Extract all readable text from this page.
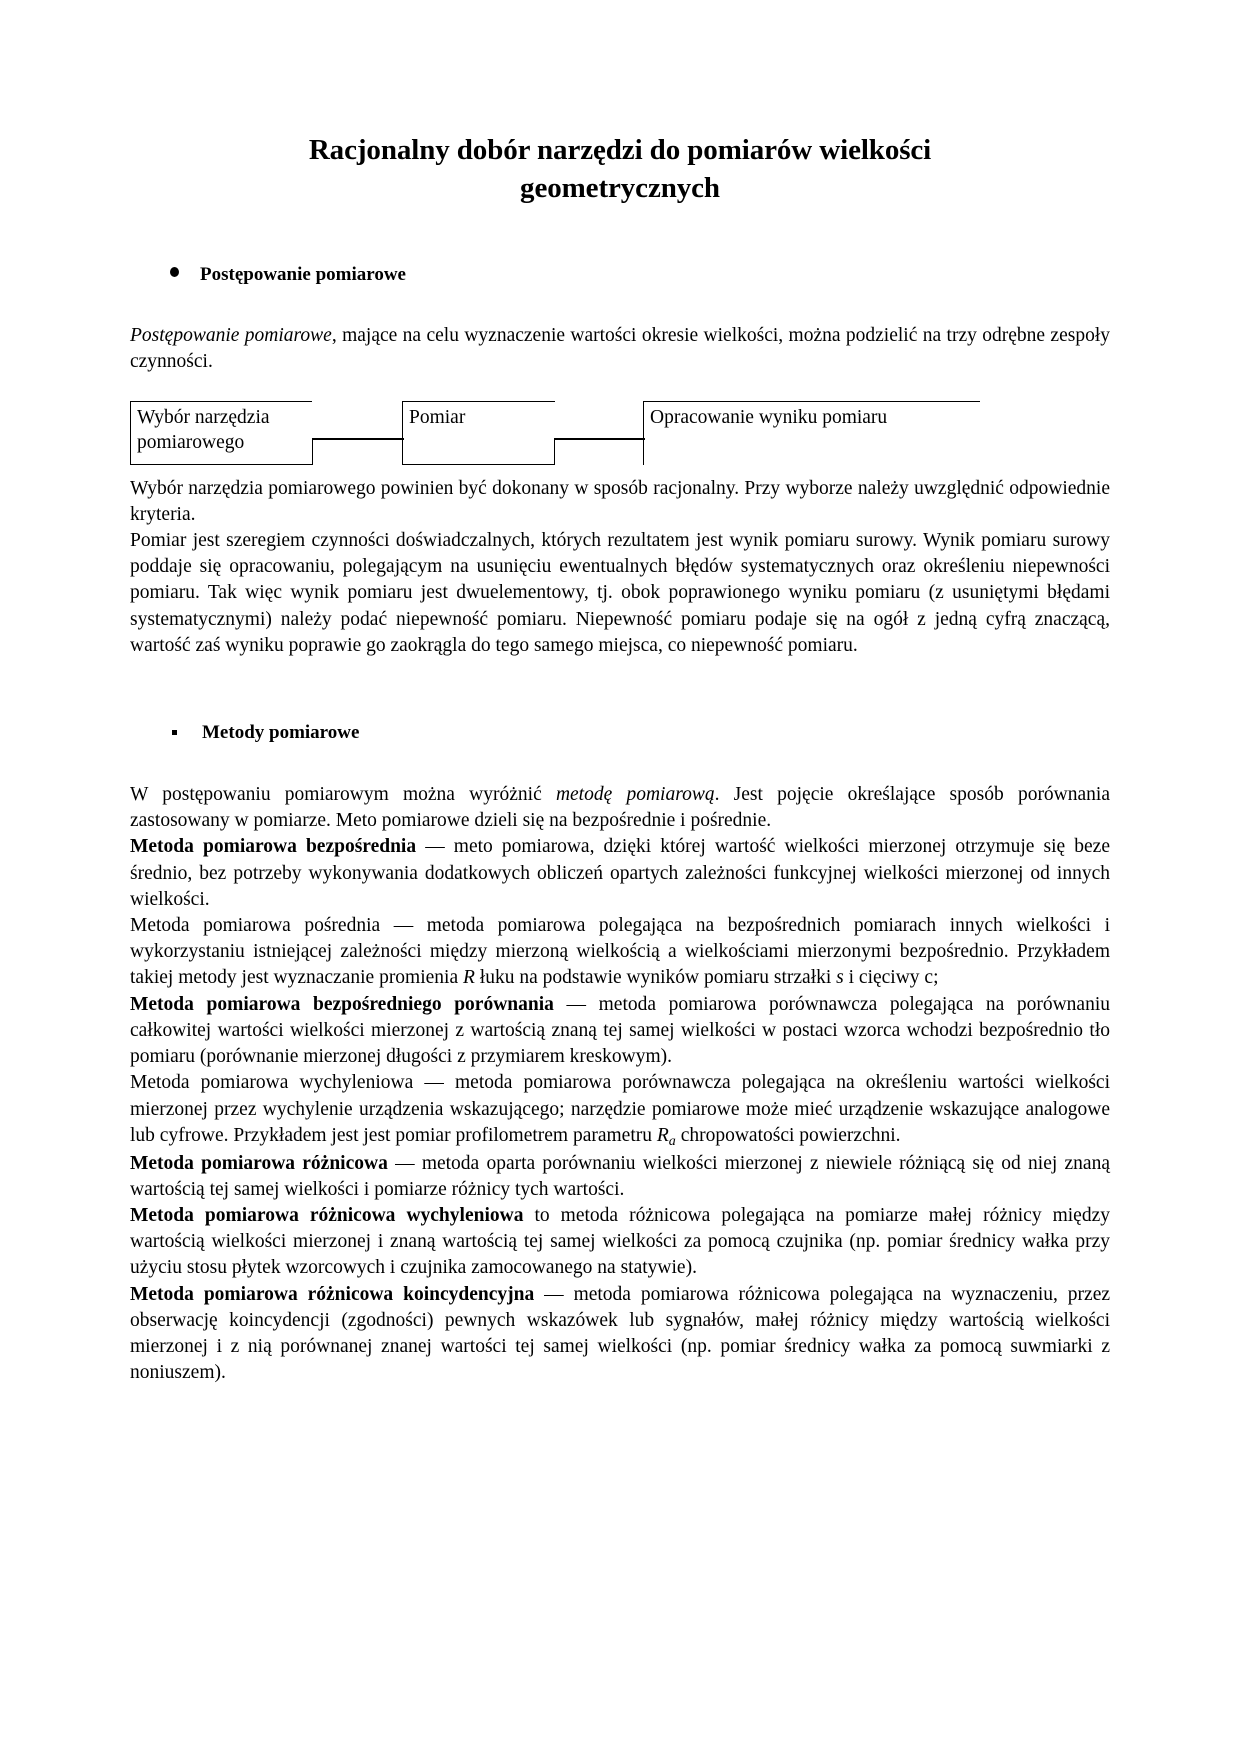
Racjonalny dobór narzędzi do pomiarów wielkości
geometrycznych
Postępowanie pomiarowe

Postępowanie pomiarowe, mające na celu wyznaczenie wartości okresie wielkości, można podzielić na trzy odrębne zespoły czynności.

Wybór narzędzia
pomiarowego
Pomiar	Opracowanie wyniku pomiaru

Wybór narzędzia pomiarowego powinien być dokonany w sposób racjonalny. Przy wyborze należy uwzględnić odpowiednie kryteria.

Pomiar jest szeregiem czynności doświadczalnych, których rezultatem jest wynik pomiaru surowy. Wynik pomiaru surowy poddaje się opracowaniu, polegającym na usunięciu ewentualnych błędów systematycznych oraz określeniu niepewności pomiaru. Tak więc wynik pomiaru jest dwuelementowy, tj. obok poprawionego wyniku pomiaru (z usuniętymi błędami systematycznymi) należy podać niepewność pomiaru. Niepewność pomiaru podaje się na ogół z jedną cyfrą znaczącą, wartość zaś wyniku poprawie go zaokrągla do tego samego miejsca, co niepewność pomiaru.

Metody pomiarowe

W postępowaniu pomiarowym można wyróżnić metodę pomiarową. Jest pojęcie określające sposób porównania zastosowany w pomiarze. Meto pomiarowe dzieli się na bezpośrednie i pośrednie.

Metoda pomiarowa bezpośrednia — meto pomiarowa, dzięki której wartość wielkości mierzonej otrzymuje się beze średnio, bez potrzeby wykonywania dodatkowych obliczeń opartych zależności funkcyjnej wielkości mierzonej od innych wielkości.

Metoda pomiarowa pośrednia — metoda pomiarowa polegająca na bezpośrednich pomiarach innych wielkości i wykorzystaniu istniejącej zależności między mierzoną wielkością a wielkościami mierzonymi bezpośrednio. Przykładem takiej metody jest wyznaczanie promienia R łuku na podstawie wyników pomiaru strzałki s i cięciwy c;

Metoda pomiarowa bezpośredniego porównania — metoda pomiarowa porównawcza polegająca na porównaniu całkowitej wartości wielkości mierzonej z wartością znaną tej samej wielkości w postaci wzorca wchodzi bezpośrednio tło pomiaru (porównanie mierzonej długości z przymiarem kreskowym).

Metoda pomiarowa wychyleniowa — metoda pomiarowa porównawcza polegająca na określeniu wartości wielkości mierzonej przez wychylenie urządzenia wskazującego; narzędzie pomiarowe może mieć urządzenie wskazujące analogowe lub cyfrowe. Przykładem jest jest pomiar profilometrem parametru $R_a$ chropowatości powierzchni.

Metoda pomiarowa różnicowa — metoda oparta porównaniu wielkości mierzonej z niewiele różniącą się od niej znaną wartością tej samej wielkości i pomiarze różnicy tych wartości.

Metoda pomiarowa różnicowa wychyleniowa to metoda różnicowa polegająca na pomiarze małej różnicy między wartością wielkości mierzonej i znaną wartością tej samej wielkości za pomocą czujnika (np. pomiar średnicy wałka przy użyciu stosu płytek wzorcowych i czujnika zamocowanego na statywie).

Metoda pomiarowa różnicowa koincydencyjna — metoda pomiarowa różnicowa polegająca na wyznaczeniu, przez obserwację koincydencji (zgodności) pewnych wskazówek lub sygnałów, małej różnicy między wartością wielkości mierzonej i z nią porównanej znanej wartości tej samej wielkości (np. pomiar średnicy wałka za pomocą suwmiarki z noniuszem).
